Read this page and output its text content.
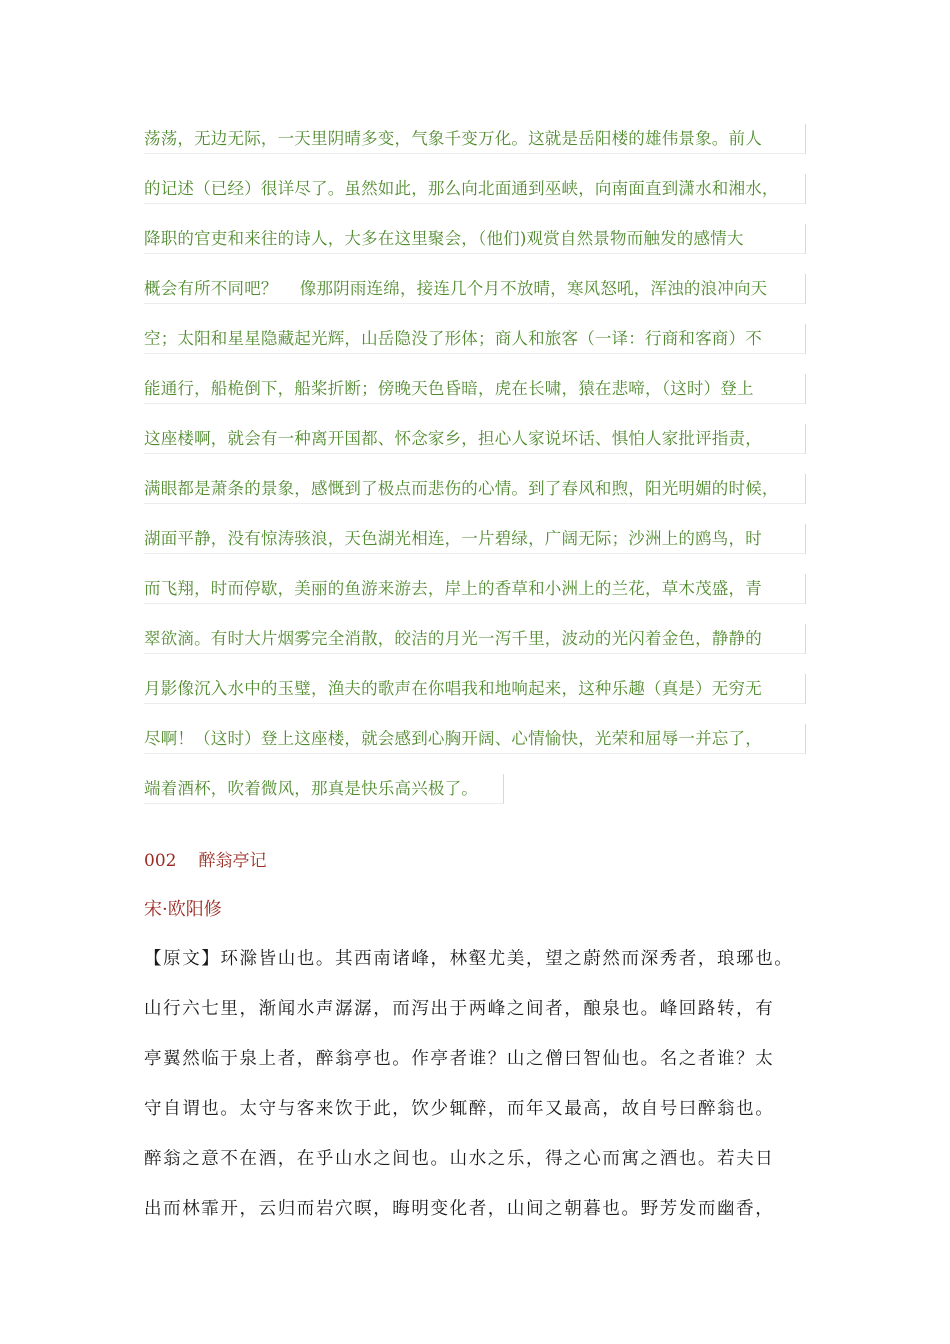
荡荡，无边无际，一天里阴晴多变，气象千变万化。这就是岳阳楼的雄伟景象。前人
的记述（已经）很详尽了。虽然如此，那么向北面通到巫峡，向南面直到潇水和湘水，
降职的官吏和来往的诗人，大多在这里聚会，（他们)观赏自然景物而触发的感情大
概会有所不同吧？　 像那阴雨连绵，接连几个月不放晴，寒风怒吼，浑浊的浪冲向天
空；太阳和星星隐藏起光辉，山岳隐没了形体；商人和旅客（一译：行商和客商）不
能通行，船桅倒下，船桨折断；傍晚天色昏暗，虎在长啸，猿在悲啼，（这时）登上
这座楼啊，就会有一种离开国都、怀念家乡，担心人家说坏话、惧怕人家批评指责，
满眼都是萧条的景象，感慨到了极点而悲伤的心情。到了春风和煦，阳光明媚的时候，
湖面平静，没有惊涛骇浪，天色湖光相连，一片碧绿，广阔无际；沙洲上的鸥鸟，时
而飞翔，时而停歇，美丽的鱼游来游去，岸上的香草和小洲上的兰花，草木茂盛，青
翠欲滴。有时大片烟雾完全消散，皎洁的月光一泻千里，波动的光闪着金色，静静的
月影像沉入水中的玉璧，渔夫的歌声在你唱我和地响起来，这种乐趣（真是）无穷无
尽啊！（这时）登上这座楼，就会感到心胸开阔、心情愉快，光荣和屈辱一并忘了，
端着酒杯，吹着微风，那真是快乐高兴极了。
002 醉翁亭记
宋·欧阳修
【原文】环滁皆山也。其西南诸峰，林壑尤美，望之蔚然而深秀者，琅琊也。
山行六七里，渐闻水声潺潺，而泻出于两峰之间者，酿泉也。峰回路转，有
亭翼然临于泉上者，醉翁亭也。作亭者谁？山之僧曰智仙也。名之者谁？太
守自谓也。太守与客来饮于此，饮少辄醉，而年又最高，故自号曰醉翁也。
醉翁之意不在酒，在乎山水之间也。山水之乐，得之心而寓之酒也。若夫日
出而林霏开，云归而岩穴暝，晦明变化者，山间之朝暮也。野芳发而幽香，
